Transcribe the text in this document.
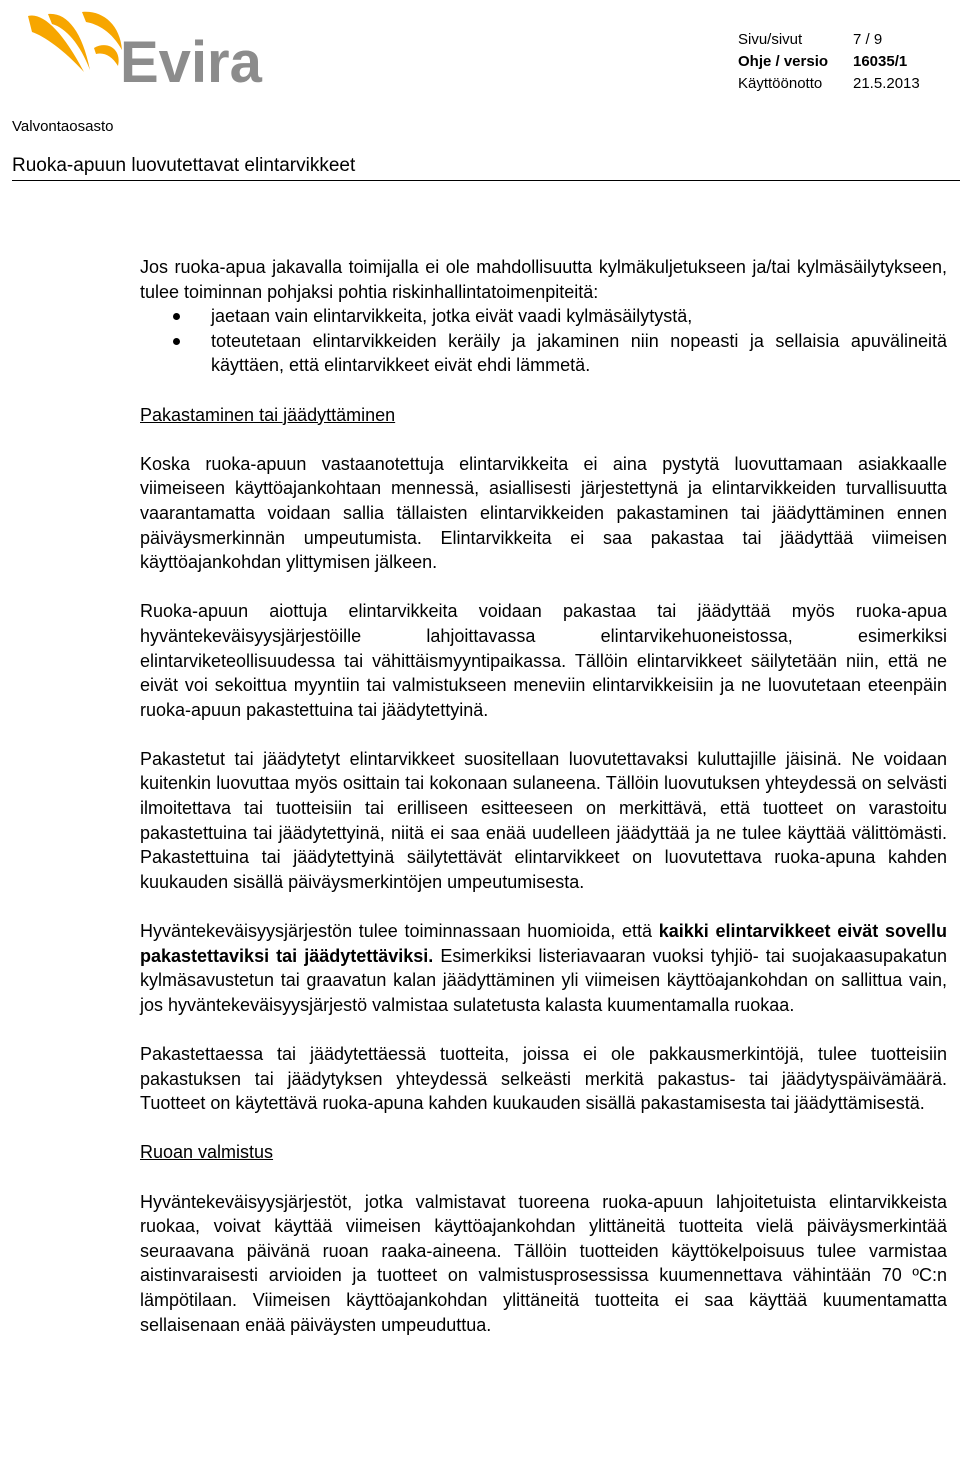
Evira	Sivu/sivut	7 / 9
Ohje / versio	16035/1
Käyttöönotto	21.5.2013
Valvontaosasto
Ruoka-apuun luovutettavat elintarvikkeet

Jos ruoka-apua jakavalla toimijalla ei ole mahdollisuutta kylmäkuljetukseen ja/tai kylmäsäilytykseen, tulee toiminnan pohjaksi pohtia riskinhallintatoimenpiteitä:

jaetaan vain elintarvikkeita, jotka eivät vaadi kylmäsäilytystä,
toteutetaan elintarvikkeiden keräily ja jakaminen niin nopeasti ja sellaisia apuvälineitä käyttäen, että elintarvikkeet eivät ehdi lämmetä.

Pakastaminen tai jäädyttäminen

Koska ruoka-apuun vastaanotettuja elintarvikkeita ei aina pystytä luovuttamaan asiakkaalle viimeiseen käyttöajankohtaan mennessä, asiallisesti järjestettynä ja elintarvikkeiden turvallisuutta vaarantamatta voidaan sallia tällaisten elintarvikkeiden pakastaminen tai jäädyttäminen ennen päiväysmerkinnän umpeutumista. Elintarvikkeita ei saa pakastaa tai jäädyttää viimeisen käyttöajankohdan ylittymisen jälkeen.

Ruoka-apuun aiottuja elintarvikkeita voidaan pakastaa tai jäädyttää myös ruoka-apua hyväntekeväisyysjärjestöille lahjoittavassa elintarvikehuoneistossa, esimerkiksi elintarviketeollisuudessa tai vähittäismyyntipaikassa. Tällöin elintarvikkeet säilytetään niin, että ne eivät voi sekoittua myyntiin tai valmistukseen meneviin elintarvikkeisiin ja ne luovutetaan eteenpäin ruoka-apuun pakastettuina tai jäädytettyinä.

Pakastetut tai jäädytetyt elintarvikkeet suositellaan luovutettavaksi kuluttajille jäisinä. Ne voidaan kuitenkin luovuttaa myös osittain tai kokonaan sulaneena. Tällöin luovutuksen yhteydessä on selvästi ilmoitettava tai tuotteisiin tai erilliseen esitteeseen on merkittävä, että tuotteet on varastoitu pakastettuina tai jäädytettyinä, niitä ei saa enää uudelleen jäädyttää ja ne tulee käyttää välittömästi. Pakastettuina tai jäädytettyinä säilytettävät elintarvikkeet on luovutettava ruoka-apuna kahden kuukauden sisällä päiväysmerkintöjen umpeutumisesta.

Hyväntekeväisyysjärjestön tulee toiminnassaan huomioida, että kaikki elintarvikkeet eivät sovellu pakastettaviksi tai jäädytettäviksi. Esimerkiksi listeriavaaran vuoksi tyhjiö- tai suojakaasupakatun kylmäsavustetun tai graavatun kalan jäädyttäminen yli viimeisen käyttöajankohdan on sallittua vain, jos hyväntekeväisyysjärjestö valmistaa sulatetusta kalasta kuumentamalla ruokaa.

Pakastettaessa tai jäädytettäessä tuotteita, joissa ei ole pakkausmerkintöjä, tulee tuotteisiin pakastuksen tai jäädytyksen yhteydessä selkeästi merkitä pakastus- tai jäädytyspäivämäärä. Tuotteet on käytettävä ruoka-apuna kahden kuukauden sisällä pakastamisesta tai jäädyttämisestä.

Ruoan valmistus

Hyväntekeväisyysjärjestöt, jotka valmistavat tuoreena ruoka-apuun lahjoitetuista elintarvikkeista ruokaa, voivat käyttää viimeisen käyttöajankohdan ylittäneitä tuotteita vielä päiväysmerkintää seuraavana päivänä ruoan raaka-aineena. Tällöin tuotteiden käyttökelpoisuus tulee varmistaa aistinvaraisesti arvioiden ja tuotteet on valmistusprosessissa kuumennettava vähintään 70 ºC:n lämpötilaan. Viimeisen käyttöajankohdan ylittäneitä tuotteita ei saa käyttää kuumentamatta sellaisenaan enää päiväysten umpeuduttua.
